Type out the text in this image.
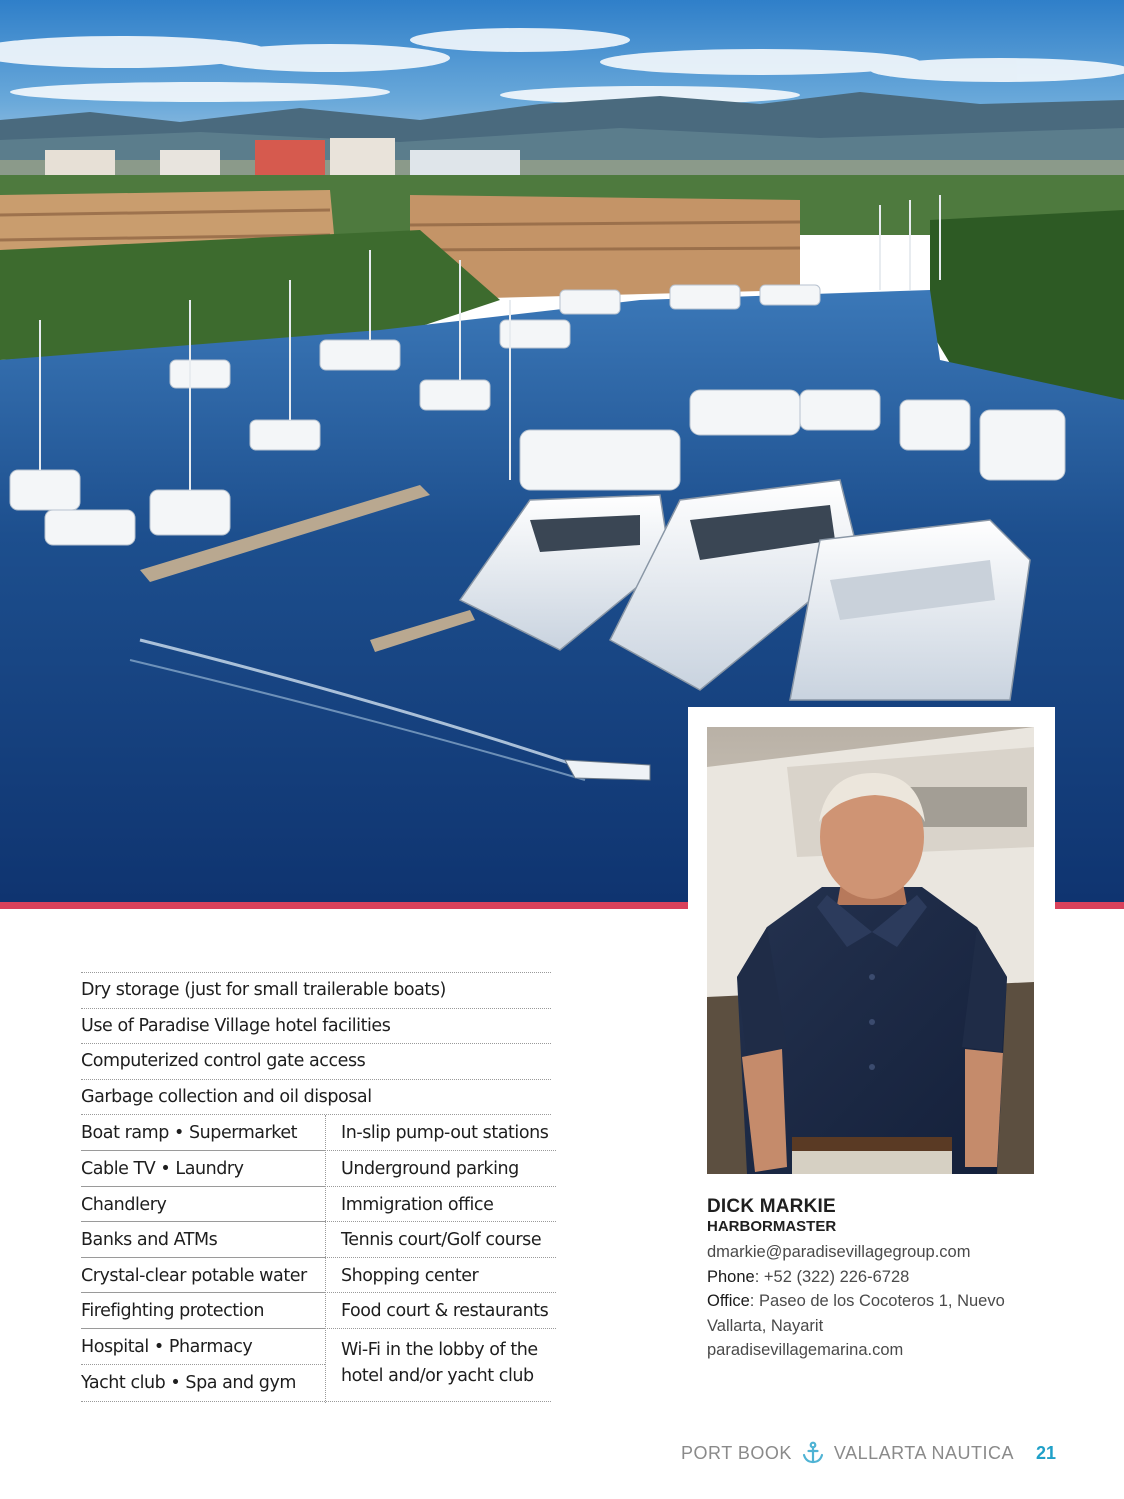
DICK MARKIE
HARBORMASTER
dmarkie@paradisevillagegroup.com
Phone: +52 (322) 226-6728
Office: Paseo de los Cocoteros 1, Nuevo Vallarta, Nayarit
paradisevillagemarina.com
Dry storage (just for small trailerable boats)
Use of Paradise Village hotel facilities
Computerized control gate access
Garbage collection and oil disposal
Boat ramp • Supermarket
Cable TV • Laundry
Chandlery
Banks and ATMs
Crystal-clear potable water
Firefighting protection
Hospital • Pharmacy
Yacht club • Spa and gym
In-slip pump-out stations
Underground parking
Immigration office
Tennis court/Golf course
Shopping center
Food court & restaurants
Wi-Fi in the lobby of the hotel and/or yacht club
PORT BOOK VALLARTA NAUTICA 21
